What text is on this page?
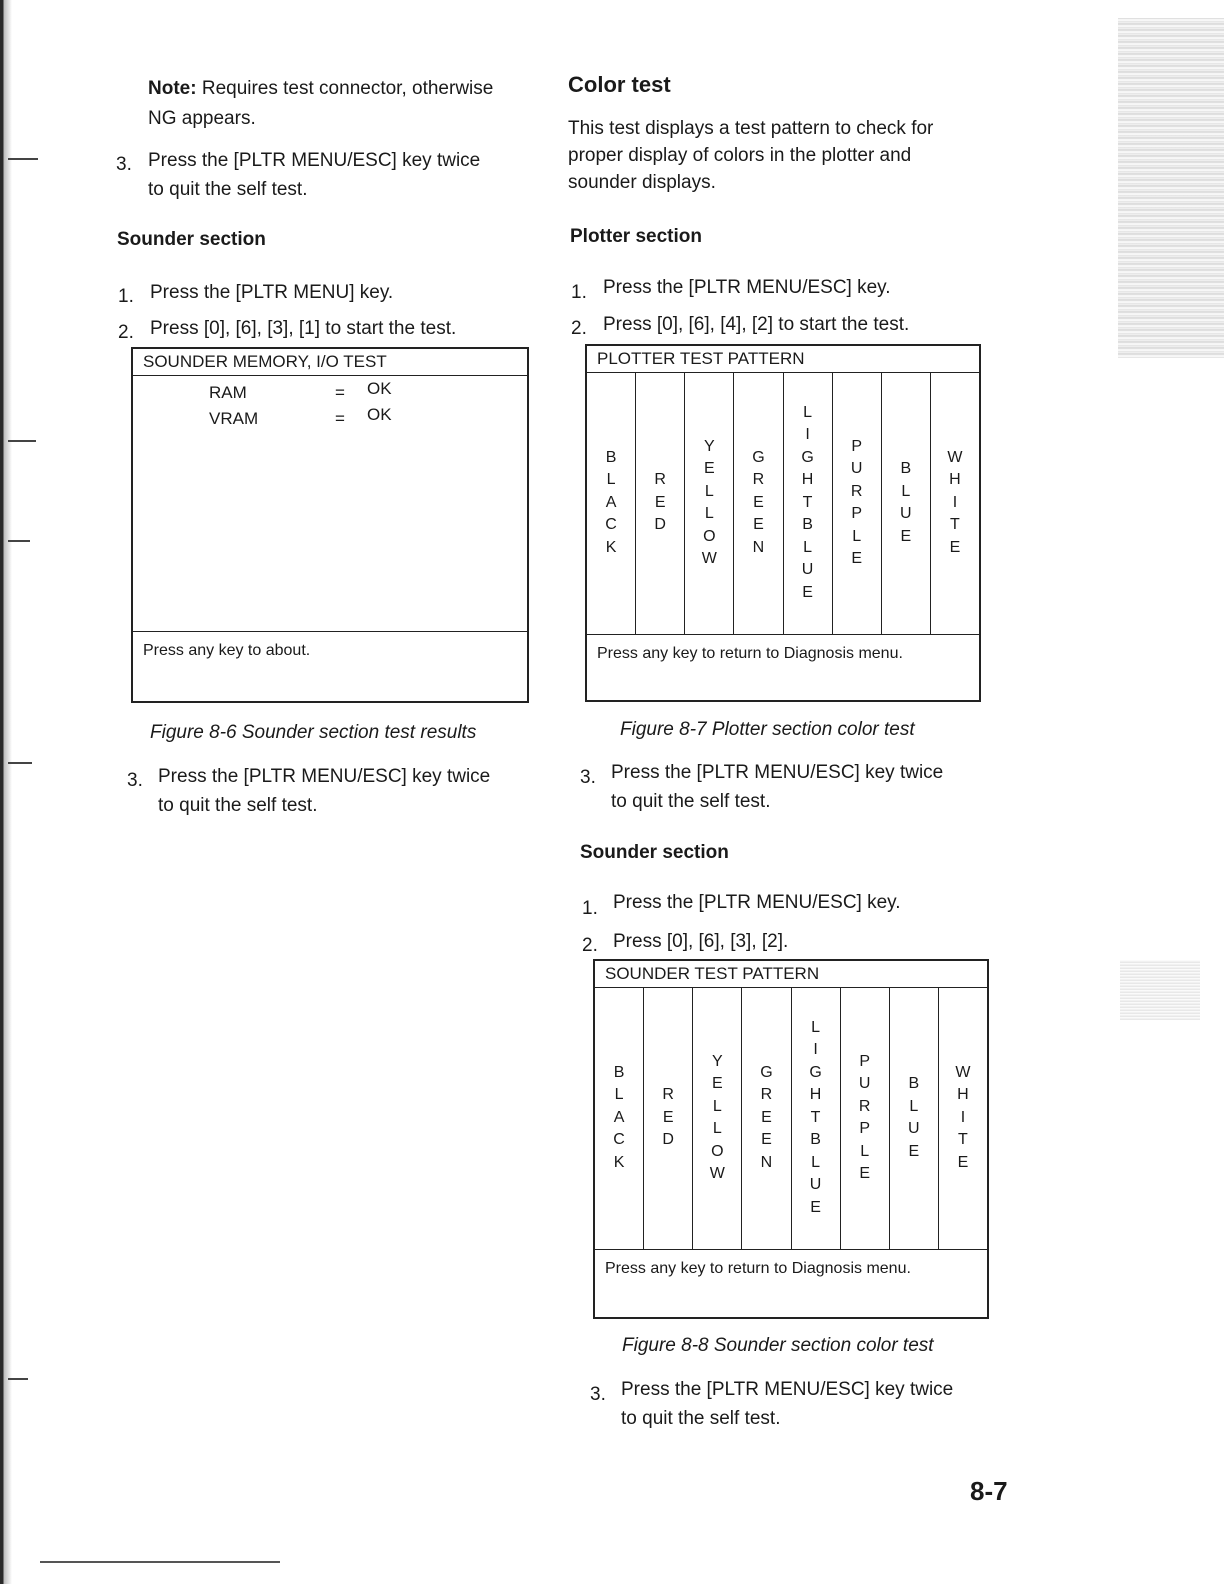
Note: Requires test connector, otherwise
NG appears.
3. Press the [PLTR MENU/ESC] key twice
to quit the self test.
Sounder section
1. Press the [PLTR MENU] key.
2. Press [0], [6], [3], [1] to start the test.
SOUNDER MEMORY, I/O TEST
RAM	= OK
VRAM	= OK
Press any key to about.
Figure 8-6 Sounder section test results
3. Press the [PLTR MENU/ESC] key twice
to quit the self test.
Color test
This test displays a test pattern to check for
proper display of colors in the plotter and
sounder displays.
Plotter section
1. Press the [PLTR MENU/ESC] key.
2. Press [0], [6], [4], [2] to start the test.
PLOTTER TEST PATTERN
B
L
A
C
K
R
E
D
Y
E
L
L
O
W
G
R
E
E
N
L
I
G
H
T
B
L
U
E
P
U
R
P
L
E
B
L
U
E
W
H
I
T
E
Press any key to return to Diagnosis menu.
Figure 8-7 Plotter section color test
3. Press the [PLTR MENU/ESC] key twice
to quit the self test.
Sounder section
1. Press the [PLTR MENU/ESC] key.
2. Press [0], [6], [3], [2].
SOUNDER TEST PATTERN
B
L
A
C
K
R
E
D
Y
E
L
L
O
W
G
R
E
E
N
L
I
G
H
T
B
L
U
E
P
U
R
P
L
E
B
L
U
E
W
H
I
T
E
Press any key to return to Diagnosis menu.
Figure 8-8 Sounder section color test
3. Press the [PLTR MENU/ESC] key twice
to quit the self test.
8-7
